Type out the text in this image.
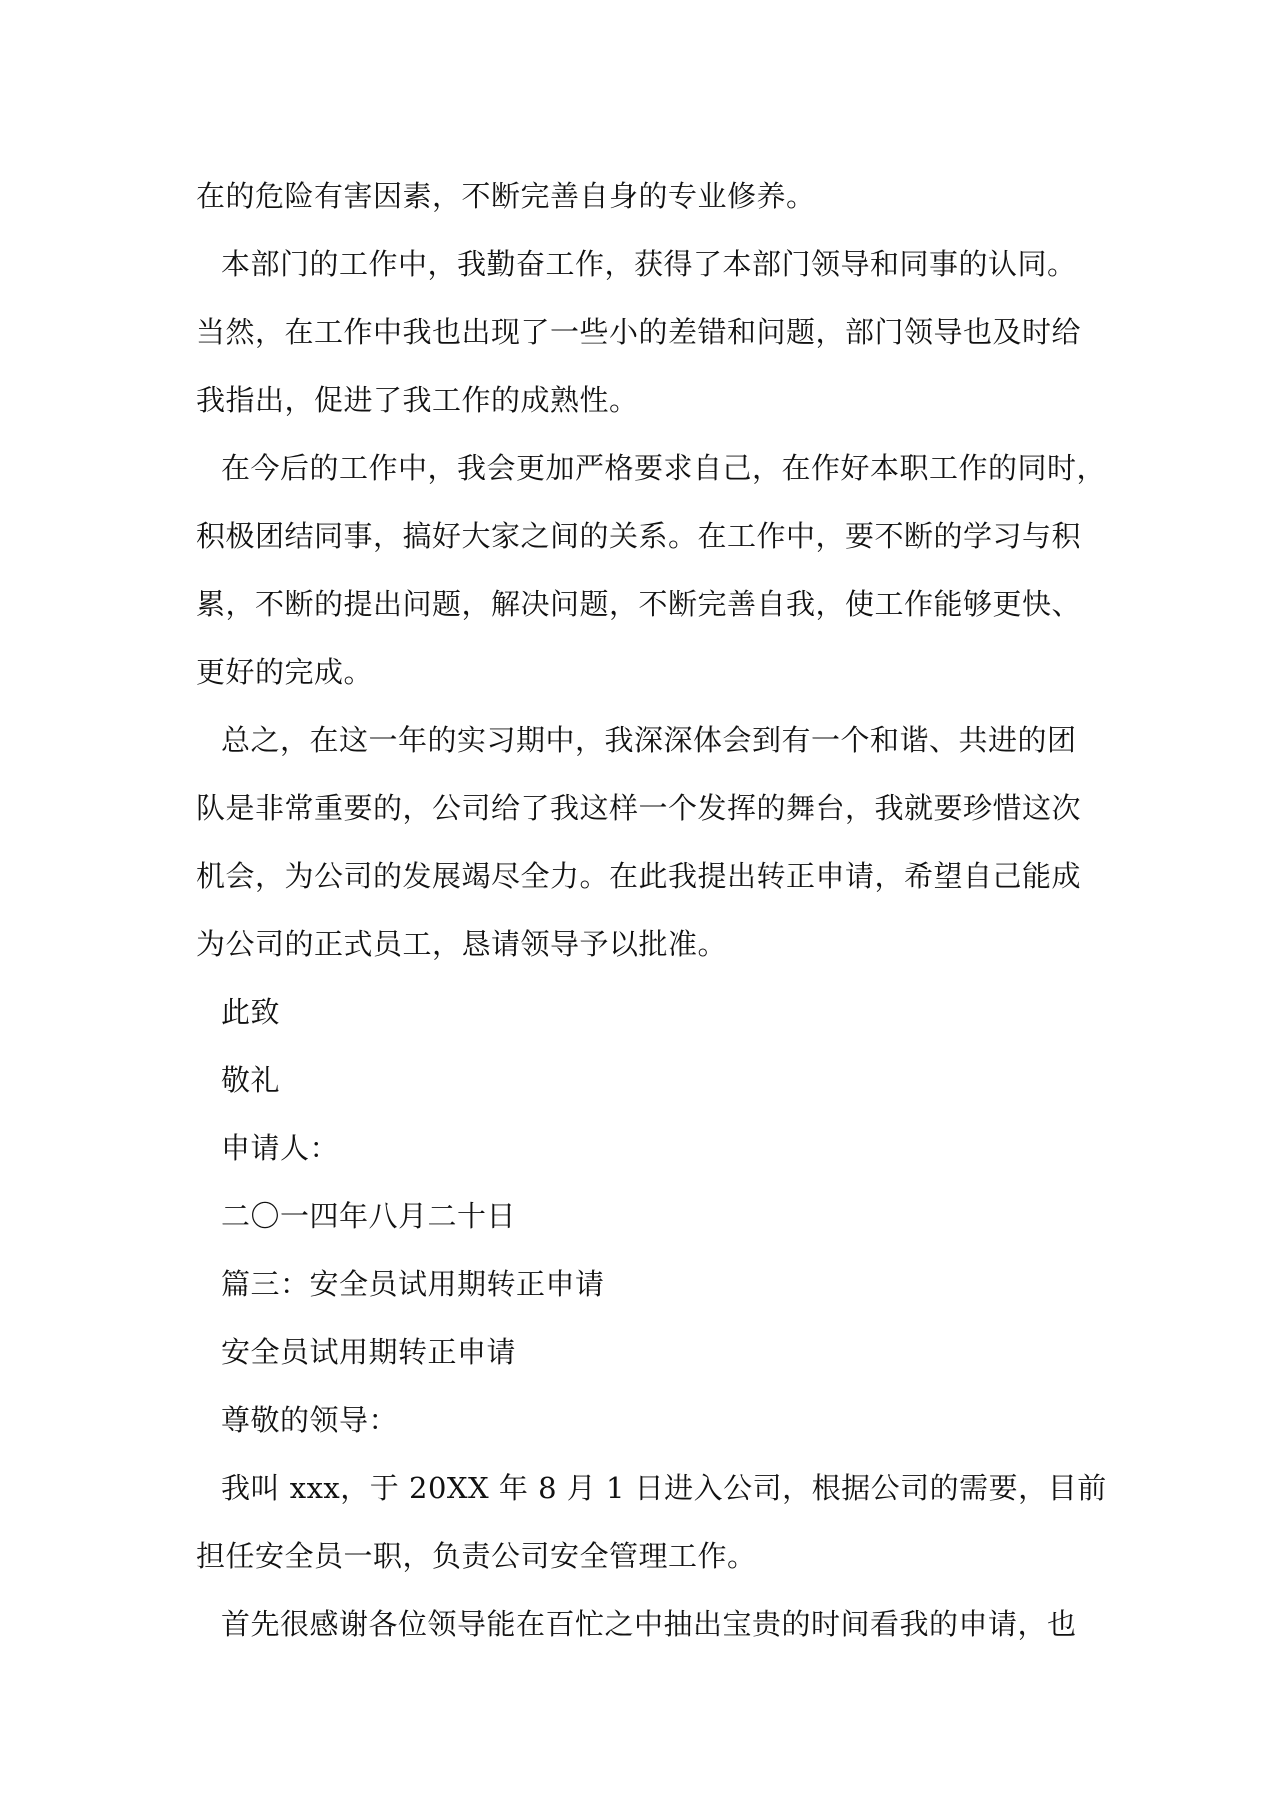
在的危险有害因素，不断完善自身的专业修养。
本部门的工作中，我勤奋工作，获得了本部门领导和同事的认同。
当然，在工作中我也出现了一些小的差错和问题，部门领导也及时给
我指出，促进了我工作的成熟性。
在今后的工作中，我会更加严格要求自己，在作好本职工作的同时，
积极团结同事，搞好大家之间的关系。在工作中，要不断的学习与积
累，不断的提出问题，解决问题，不断完善自我，使工作能够更快、
更好的完成。
总之，在这一年的实习期中，我深深体会到有一个和谐、共进的团
队是非常重要的，公司给了我这样一个发挥的舞台，我就要珍惜这次
机会，为公司的发展竭尽全力。在此我提出转正申请，希望自己能成
为公司的正式员工，恳请领导予以批准。
此致
敬礼
申请人：
二〇一四年八月二十日
篇三：安全员试用期转正申请
安全员试用期转正申请
尊敬的领导：
我叫 xxx，于 20XX 年 8 月 1 日进入公司，根据公司的需要，目前
担任安全员一职，负责公司安全管理工作。
首先很感谢各位领导能在百忙之中抽出宝贵的时间看我的申请，也
